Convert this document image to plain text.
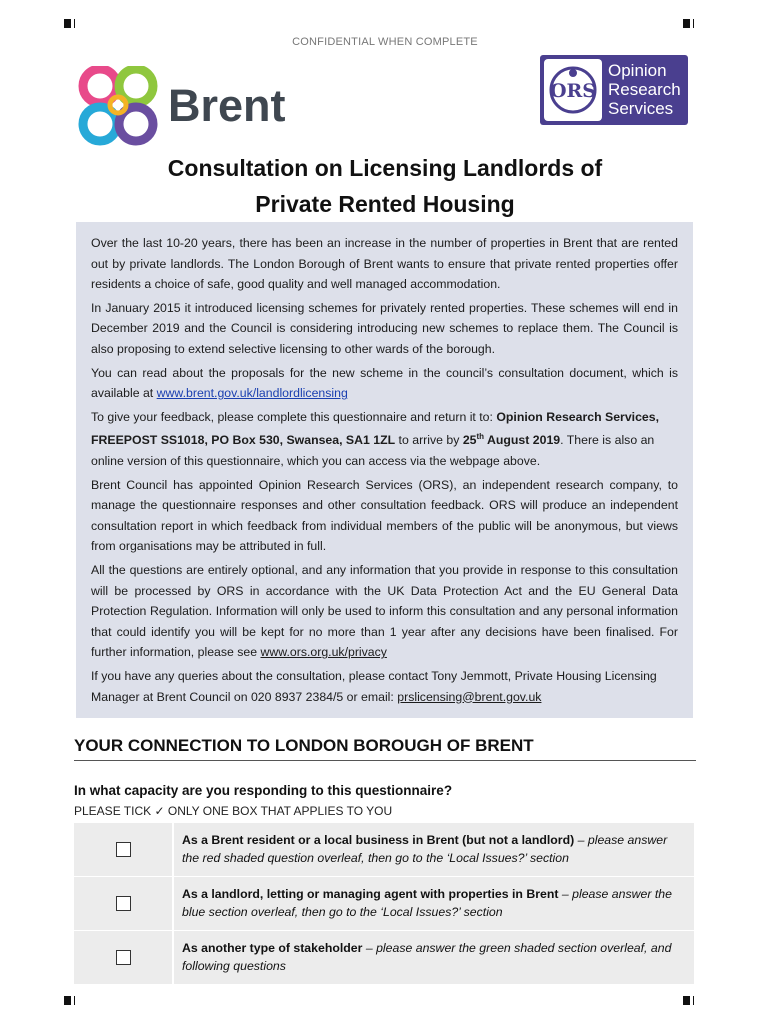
CONFIDENTIAL WHEN COMPLETE
Brent	ORS
Opinion
Research
Services
Consultation on Licensing Landlords of
Private Rented Housing

Over the last 10-20 years, there has been an increase in the number of properties in Brent that are rented out by private landlords. The London Borough of Brent wants to ensure that private rented properties offer residents a choice of safe, good quality and well managed accommodation.

In January 2015 it introduced licensing schemes for privately rented properties. These schemes will end in December 2019 and the Council is considering introducing new schemes to replace them. The Council is also proposing to extend selective licensing to other wards of the borough.

You can read about the proposals for the new scheme in the council’s consultation document, which is available at www.brent.gov.uk/landlordlicensing

To give your feedback, please complete this questionnaire and return it to: Opinion Research Services, FREEPOST SS1018, PO Box 530, Swansea, SA1 1ZL to arrive by 25th August 2019. There is also an online version of this questionnaire, which you can access via the webpage above.

Brent Council has appointed Opinion Research Services (ORS), an independent research company, to manage the questionnaire responses and other consultation feedback. ORS will produce an independent consultation report in which feedback from individual members of the public will be anonymous, but views from organisations may be attributed in full.

All the questions are entirely optional, and any information that you provide in response to this consultation will be processed by ORS in accordance with the UK Data Protection Act and the EU General Data Protection Regulation. Information will only be used to inform this consultation and any personal information that could identify you will be kept for no more than 1 year after any decisions have been finalised. For further information, please see www.ors.org.uk/privacy

If you have any queries about the consultation, please contact Tony Jemmott, Private Housing Licensing Manager at Brent Council on 020 8937 2384/5 or email: prslicensing@brent.gov.uk

YOUR CONNECTION TO LONDON BOROUGH OF BRENT
In what capacity are you responding to this questionnaire?
PLEASE TICK ✓ ONLY ONE BOX THAT APPLIES TO YOU
As a Brent resident or a local business in Brent (but not a landlord) – please answer the red shaded question overleaf, then go to the ‘Local Issues?’ section
As a landlord, letting or managing agent with properties in Brent – please answer the blue section overleaf, then go to the ‘Local Issues?’ section
As another type of stakeholder – please answer the green shaded section overleaf, and following questions
